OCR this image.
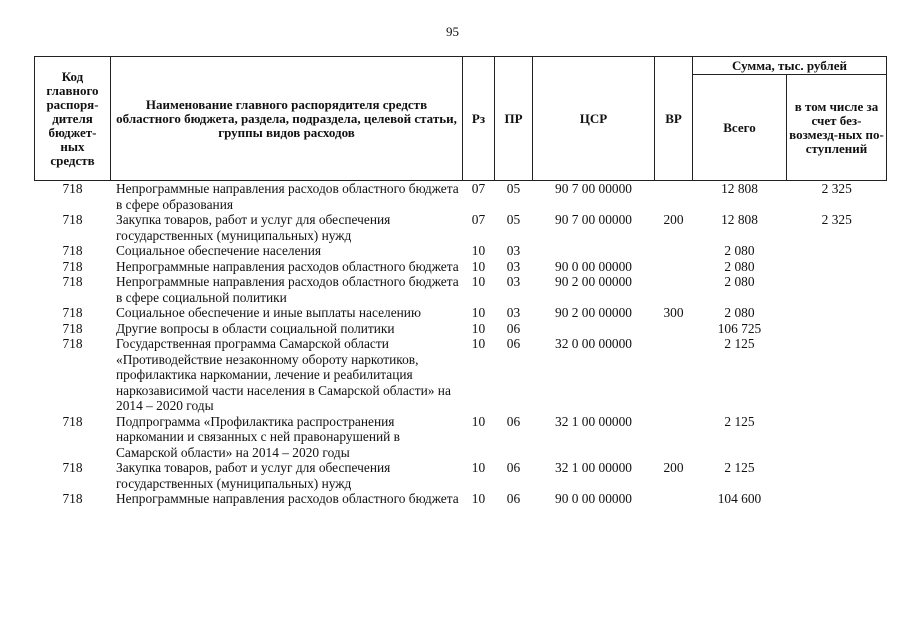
95
Код главного распоря-дителя бюджет-ных средств	Наименование главного распорядителя средств областного бюджета, раздела, подраздела, целевой статьи, группы видов расходов	Рз	ПР	ЦСР	ВР	Сумма, тыс. рублей	
						Всего	в том числе за счет без-возмезд-ных по-ступлений
718	Непрограммные направления расходов областного бюджета в сфере образования	07	05	90 7 00 00000		12 808	2 325
718	Закупка товаров, работ и услуг для обеспечения государственных (муниципальных) нужд	07	05	90 7 00 00000	200	12 808	2 325
718	Социальное обеспечение населения	10	03			2 080	
718	Непрограммные направления расходов областного бюджета	10	03	90 0 00 00000		2 080	
718	Непрограммные направления расходов областного бюджета в сфере социальной политики	10	03	90 2 00 00000		2 080	
718	Социальное обеспечение и иные выплаты населению	10	03	90 2 00 00000	300	2 080	
718	Другие вопросы в области социальной политики	10	06			106 725	
718	Государственная программа Самарской области «Противодействие незаконному обороту наркотиков, профилактика наркомании, лечение и реабилитация наркозависимой части населения в Самарской области» на 2014 – 2020 годы	10	06	32 0 00 00000		2 125	
718	Подпрограмма «Профилактика распространения наркомании и связанных с ней правонарушений в Самарской области» на 2014 – 2020 годы	10	06	32 1 00 00000		2 125	
718	Закупка товаров, работ и услуг для обеспечения государственных (муниципальных) нужд	10	06	32 1 00 00000	200	2 125	
718	Непрограммные направления расходов областного бюджета	10	06	90 0 00 00000		104 600	
